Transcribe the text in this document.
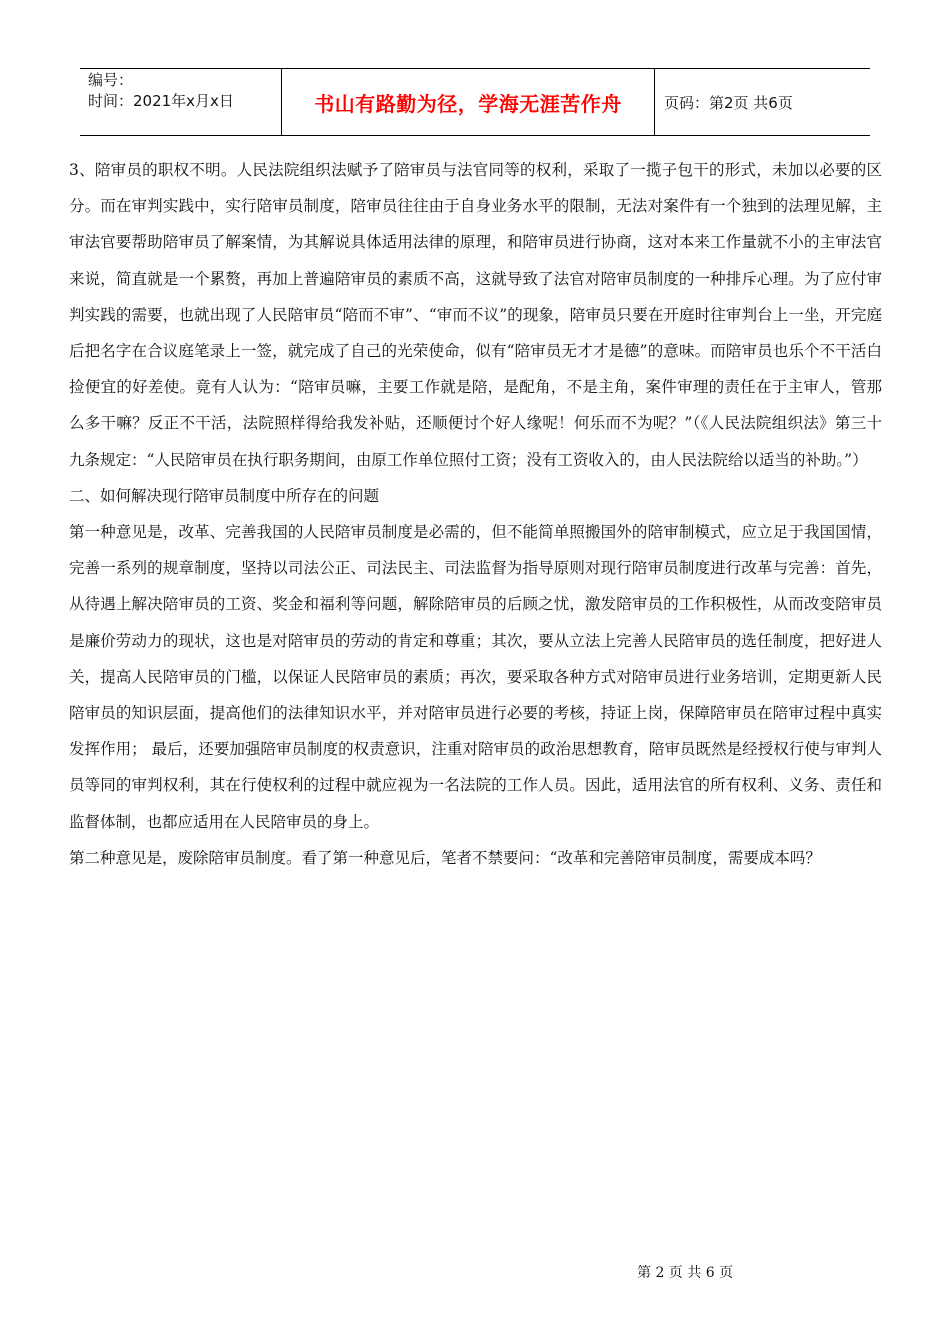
编号：
时间：2021年x月x日	书山有路勤为径，学海无涯苦作舟	页码：第2页 共6页

3、陪审员的职权不明。人民法院组织法赋予了陪审员与法官同等的权利，采取了一揽子包干的形式，未加以必要的区分。而在审判实践中，实行陪审员制度，陪审员往往由于自身业务水平的限制，无法对案件有一个独到的法理见解，主审法官要帮助陪审员了解案情，为其解说具体适用法律的原理，和陪审员进行协商，这对本来工作量就不小的主审法官来说，简直就是一个累赘，再加上普遍陪审员的素质不高，这就导致了法官对陪审员制度的一种排斥心理。为了应付审判实践的需要，也就出现了人民陪审员“陪而不审”、“审而不议”的现象，陪审员只要在开庭时往审判台上一坐，开完庭后把名字在合议庭笔录上一签，就完成了自己的光荣使命，似有“陪审员无才才是德”的意味。而陪审员也乐个不干活白捡便宜的好差使。竟有人认为：“陪审员嘛，主要工作就是陪，是配角，不是主角，案件审理的责任在于主审人，管那么多干嘛？反正不干活，法院照样得给我发补贴，还顺便讨个好人缘呢！何乐而不为呢？”（《人民法院组织法》第三十九条规定：“人民陪审员在执行职务期间，由原工作单位照付工资；没有工资收入的，由人民法院给以适当的补助。”）

二、如何解决现行陪审员制度中所存在的问题

第一种意见是，改革、完善我国的人民陪审员制度是必需的，但不能简单照搬国外的陪审制模式，应立足于我国国情，完善一系列的规章制度，坚持以司法公正、司法民主、司法监督为指导原则对现行陪审员制度进行改革与完善：首先，从待遇上解决陪审员的工资、奖金和福利等问题，解除陪审员的后顾之忧，激发陪审员的工作积极性，从而改变陪审员是廉价劳动力的现状，这也是对陪审员的劳动的肯定和尊重；其次，要从立法上完善人民陪审员的选任制度，把好进人关，提高人民陪审员的门槛，以保证人民陪审员的素质；再次，要采取各种方式对陪审员进行业务培训，定期更新人民陪审员的知识层面，提高他们的法律知识水平，并对陪审员进行必要的考核，持证上岗，保障陪审员在陪审过程中真实发挥作用； 最后，还要加强陪审员制度的权责意识，注重对陪审员的政治思想教育，陪审员既然是经授权行使与审判人员等同的审判权利，其在行使权利的过程中就应视为一名法院的工作人员。因此，适用法官的所有权利、义务、责任和监督体制，也都应适用在人民陪审员的身上。

第二种意见是，废除陪审员制度。看了第一种意见后，笔者不禁要问：“改革和完善陪审员制度，需要成本吗？

第 2 页 共 6 页
